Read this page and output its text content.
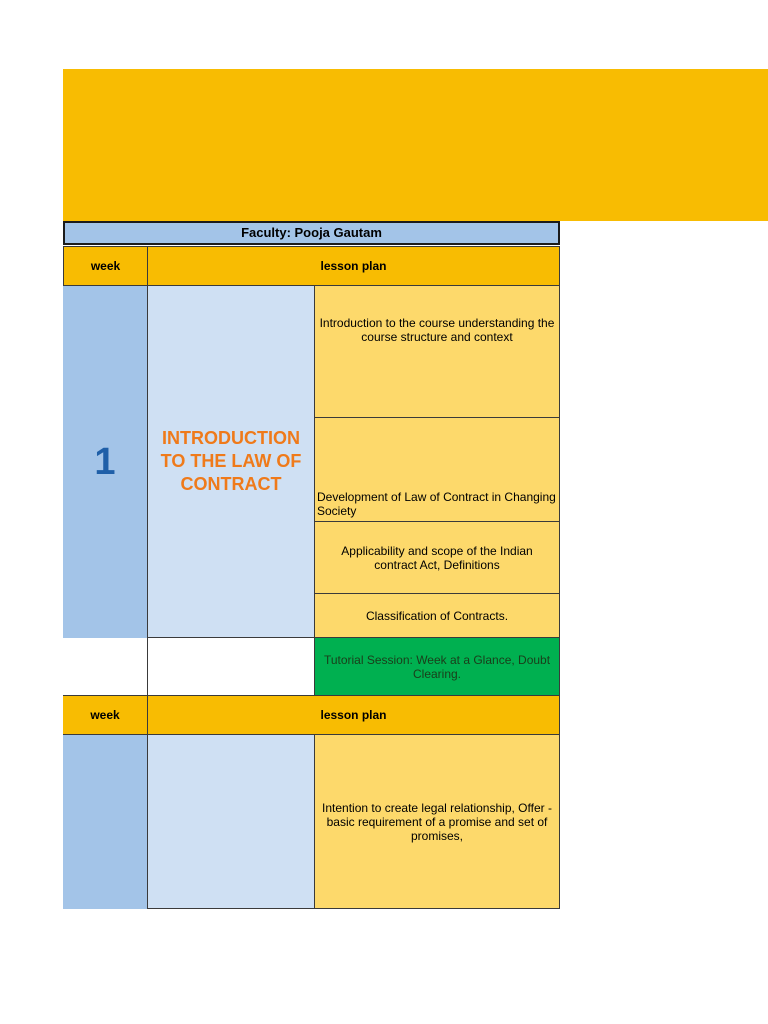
Faculty: Pooja Gautam
week	lesson plan
1
INTRODUCTION TO THE LAW OF CONTRACT
Introduction to the course understanding the course structure and context
Development of Law of Contract in Changing Society
Applicability and scope of the Indian contract Act, Definitions
Classification of Contracts.
Tutorial Session: Week at a Glance, Doubt Clearing.
week	lesson plan
Intention to create legal relationship, Offer - basic requirement of a promise and set of promises,
